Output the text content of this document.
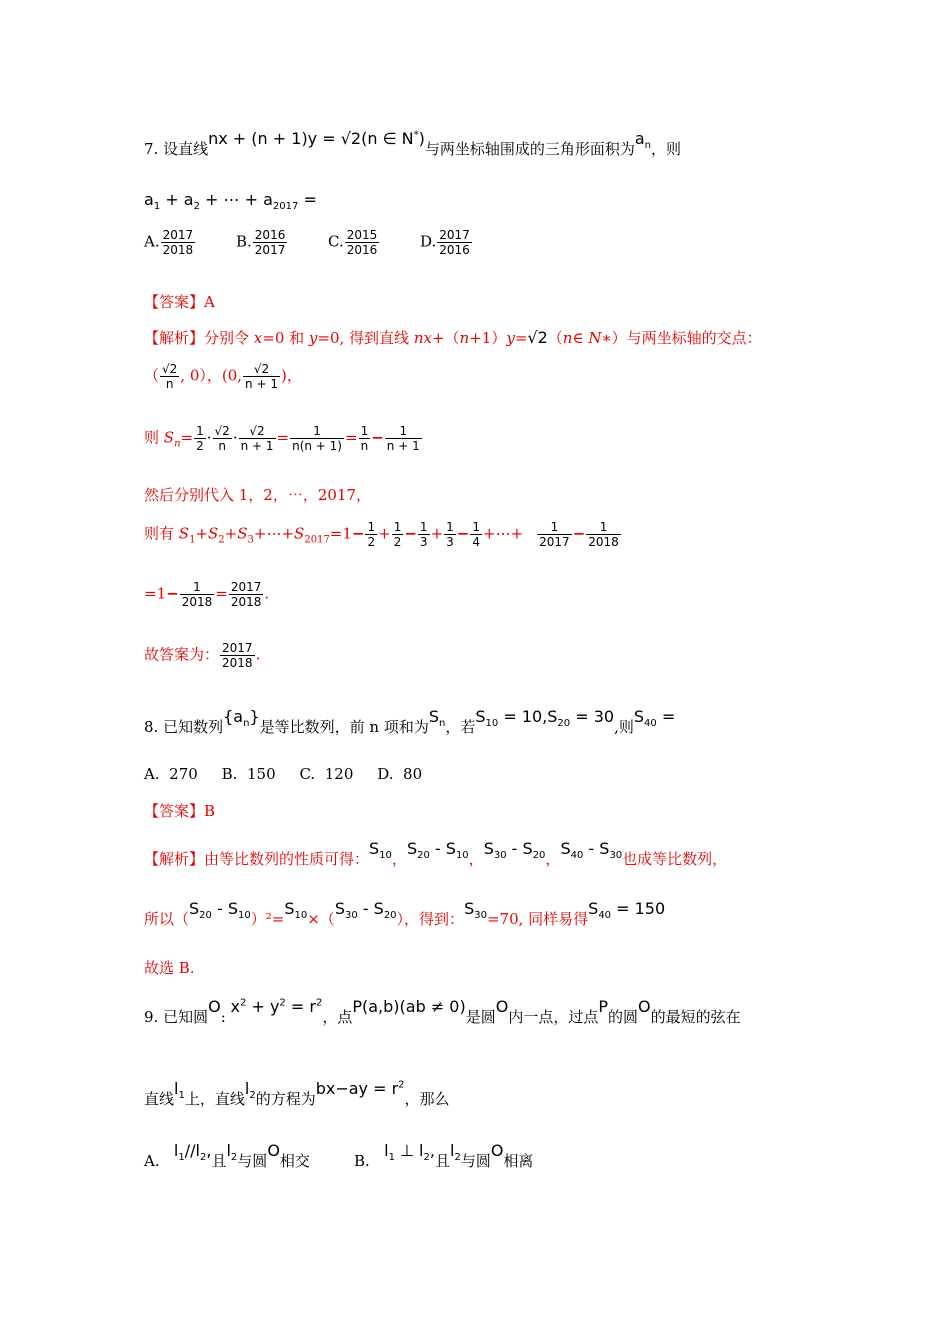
7. 设直线nx + (n + 1)y = √2(n ∈ N*)与两坐标轴围成的三角形面积为$a_n$，则
$a_1 + a_2$ + ⋯ + $a_{2017}$ =
A. $\frac{2017}{2018}$	B. $\frac{2016}{2017}$	C. $\frac{2015}{2016}$	D. $\frac{2017}{2016}$
【答案】A
【解析】分别令 x=0 和 y=0, 得到直线 nx+（n+1）y=√2（n∈ N∗）与两坐标轴的交点：
（ $\frac{√2}{n}$ , 0），(0, $\frac{√2}{n + 1}$ )，
则 $S_n= \frac{1}{2} \cdot \frac{√2}{n} \cdot \frac{√2}{n + 1} = \frac{1}{n(n + 1)} = \frac{1}{n} - \frac{1}{n + 1}$
然后分别代入 1，2，⋯，2017，
则有 $S_1+S_2+S_3+\cdots+S_{2017}=1- \frac{1}{2} + \frac{1}{2} - \frac{1}{3} + \frac{1}{3} - \frac{1}{4}$ +⋯+ $\frac{1}{2017} - \frac{1}{2018}$
$=1- \frac{1}{2018} = \frac{2017}{2018}$ .
故答案为： $\frac{2017}{2018}$ .
8. 已知数列$\{a_n\}$是等比数列，前 n 项和为$S_n$，若$S_{10} = 10,S_{20} = 30$,则$S_{40}$ =
A. 270 B. 150 C. 120 D. 80
【答案】B
【解析】由等比数列的性质可得：$S_{10}$，$S_{20} - S_{10}$，$S_{30} - S_{20}$，$S_{40} - S_{30}$也成等比数列，
所以$(S_{20} - S_{10})^2=S_{10}\times(S_{30} - S_{20})$，得到：$S_{30}=70$, 同样易得$S_{40} = 150$
故选 B.
9. 已知圆O: $x^2 + y^2 = r^2$，点P(a,b)(ab ≠ 0)是圆O内一点，过点P的圆O的最短的弦在
直线$l_1$上，直线$l_2$的方程为$bx-ay = r^2$，那么
A.   $l_1//l_2$,且$l_2$与圆O相交	B.   $l_1$ ⊥ $l_2$,且$l_2$与圆O相离
